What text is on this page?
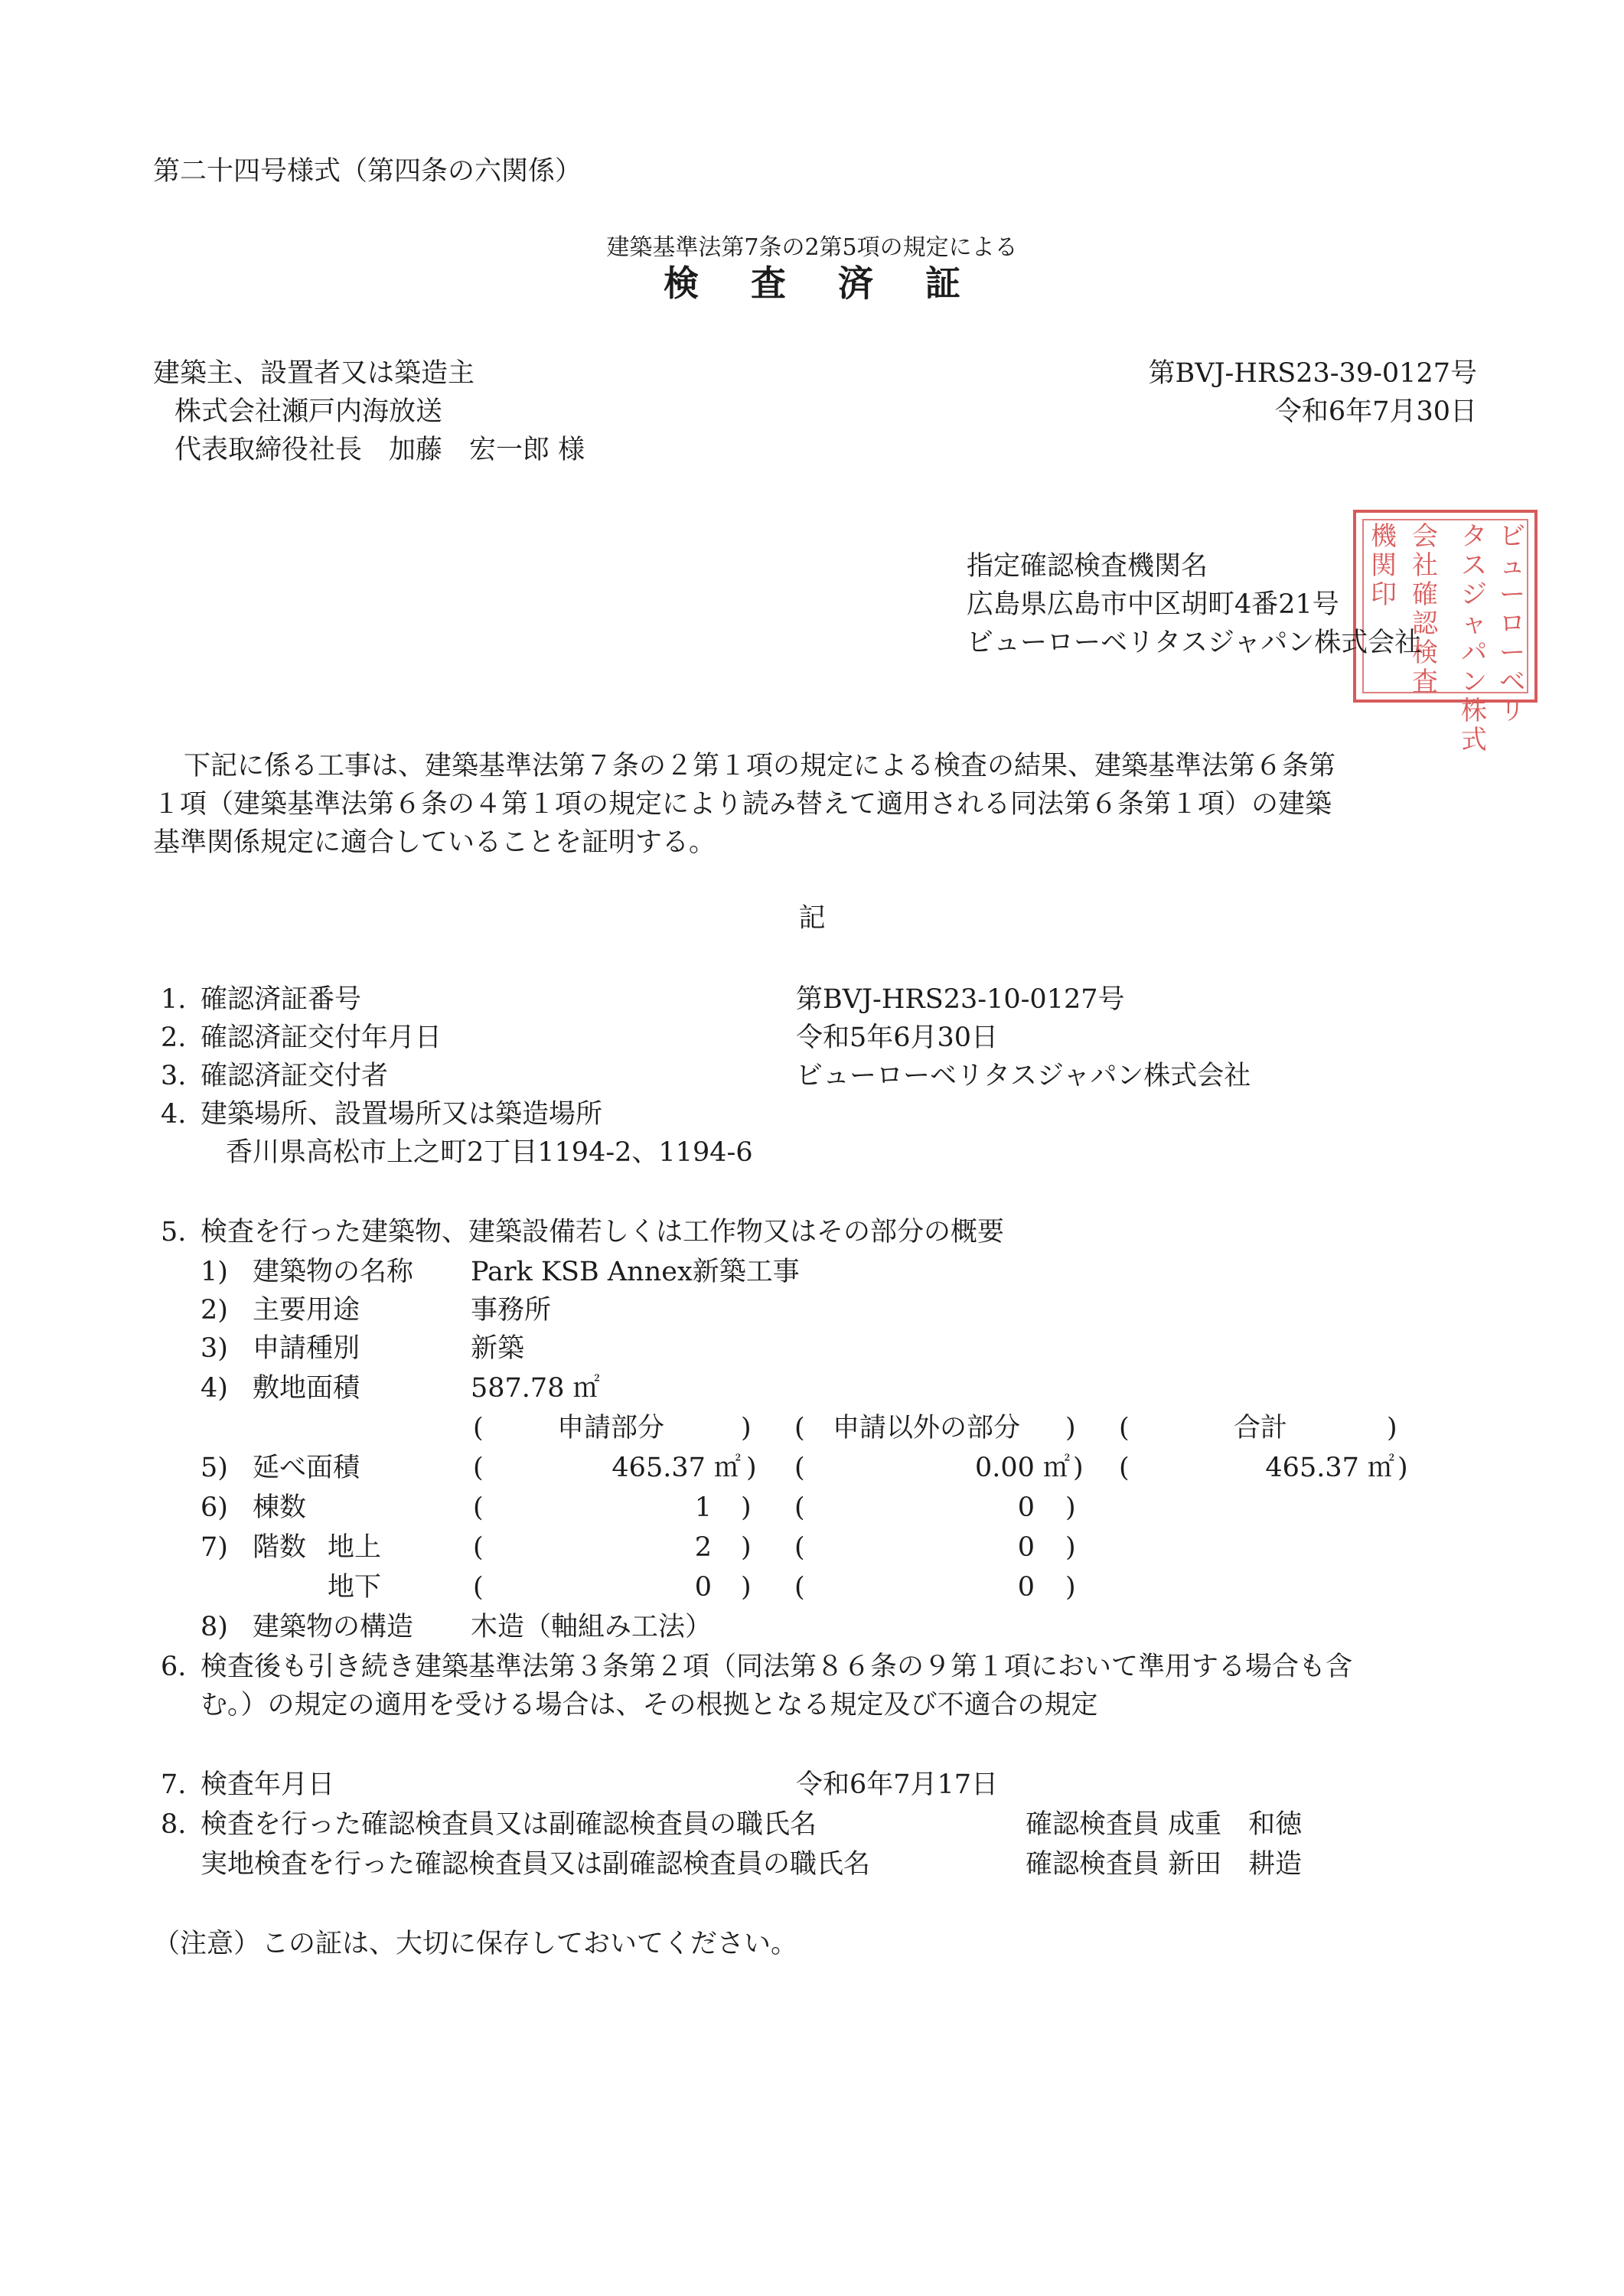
第二十四号様式（第四条の六関係）
建築基準法第7条の2第5項の規定による
検 査 済 証
建築主、設置者又は築造主
株式会社瀬戸内海放送
代表取締役社長　加藤　宏一郎 様
第BVJ-HRS23-39-0127号
令和6年7月30日
ビューローベリ
タスジャパン株式
会社確認検査
機関印
指定確認検査機関名
広島県広島市中区胡町4番21号
ビューローベリタスジャパン株式会社
下記に係る工事は、建築基準法第７条の２第１項の規定による検査の結果、建築基準法第６条第
１項（建築基準法第６条の４第１項の規定により読み替えて適用される同法第６条第１項）の建築
基準関係規定に適合していることを証明する。
記
1. 確認済証番号	第BVJ-HRS23-10-0127号
2. 確認済証交付年月日	令和5年6月30日
3. 確認済証交付者	ビューローベリタスジャパン株式会社
4. 建築場所、設置場所又は築造場所
香川県高松市上之町2丁目1194-2、1194-6
5. 検査を行った建築物、建築設備若しくは工作物又はその部分の概要
1) 建築物の名称 Park KSB Annex新築工事
2) 主要用途	事務所
3) 申請種別	新築
4) 敷地面積	587.78 ㎡
(	申請部分	) ( 申請以外の部分 ) (	合計	)
5) 延べ面積	(	465.37 ㎡ ) (	0.00 ㎡ ) (	465.37 ㎡ )
6) 棟数	(	1 ) (	0 )
7) 階数 地上	(	2 ) (	0 )
地下	(	0 ) (	0 )
8) 建築物の構造 木造（軸組み工法）
6. 検査後も引き続き建築基準法第３条第２項（同法第８６条の９第１項において準用する場合も含
む。）の規定の適用を受ける場合は、その根拠となる規定及び不適合の規定
7. 検査年月日	令和6年7月17日
8. 検査を行った確認検査員又は副確認検査員の職氏名	確認検査員 成重　和徳
実地検査を行った確認検査員又は副確認検査員の職氏名	確認検査員 新田　耕造
（注意） この証は、大切に保存しておいてください。
